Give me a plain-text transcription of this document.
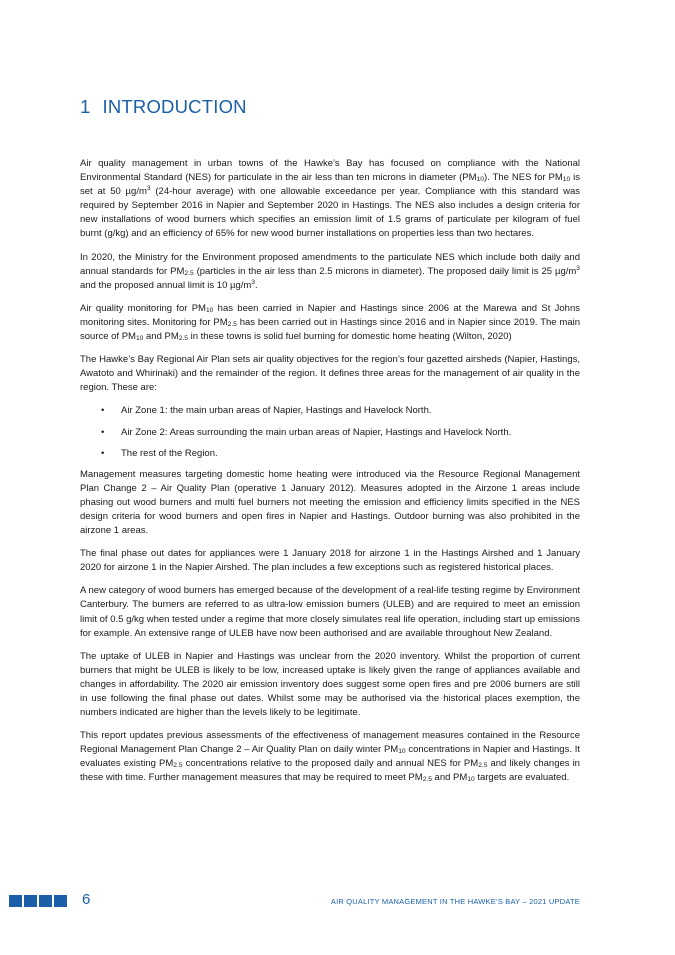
1 INTRODUCTION

Air quality management in urban towns of the Hawke’s Bay has focused on compliance with the National Environmental Standard (NES) for particulate in the air less than ten microns in diameter $(PM_{10})$. The NES for $PM_{10}$ is set at 50 $\mu g/m^3$ (24-hour average) with one allowable exceedance per year. Compliance with this standard was required by September 2016 in Napier and September 2020 in Hastings. The NES also includes a design criteria for new installations of wood burners which specifies an emission limit of 1.5 grams of particulate per kilogram of fuel burnt (g/kg) and an efficiency of 65% for new wood burner installations on properties less than two hectares.

In 2020, the Ministry for the Environment proposed amendments to the particulate NES which include both daily and annual standards for $PM_{2.5}$ (particles in the air less than 2.5 microns in diameter). The proposed daily limit is 25 $\mu g/m^3$ and the proposed annual limit is 10 $\mu g/m^3$.

Air quality monitoring for $PM_{10}$ has been carried in Napier and Hastings since 2006 at the Marewa and St Johns monitoring sites. Monitoring for $PM_{2.5}$ has been carried out in Hastings since 2016 and in Napier since 2019. The main source of $PM_{10}$ and $PM_{2.5}$ in these towns is solid fuel burning for domestic home heating (Wilton, 2020)

The Hawke’s Bay Regional Air Plan sets air quality objectives for the region’s four gazetted airsheds (Napier, Hastings, Awatoto and Whirinaki) and the remainder of the region. It defines three areas for the management of air quality in the region. These are:

• Air Zone 1: the main urban areas of Napier, Hastings and Havelock North.
• Air Zone 2: Areas surrounding the main urban areas of Napier, Hastings and Havelock North.
• The rest of the Region.

Management measures targeting domestic home heating were introduced via the Resource Regional Management Plan Change 2 – Air Quality Plan (operative 1 January 2012). Measures adopted in the Airzone 1 areas include phasing out wood burners and multi fuel burners not meeting the emission and efficiency limits specified in the NES design criteria for wood burners and open fires in Napier and Hastings. Outdoor burning was also prohibited in the airzone 1 areas.

The final phase out dates for appliances were 1 January 2018 for airzone 1 in the Hastings Airshed and 1 January 2020 for airzone 1 in the Napier Airshed. The plan includes a few exceptions such as registered historical places.

A new category of wood burners has emerged because of the development of a real-life testing regime by Environment Canterbury. The burners are referred to as ultra-low emission burners (ULEB) and are required to meet an emission limit of 0.5 g/kg when tested under a regime that more closely simulates real life operation, including start up emissions for example. An extensive range of ULEB have now been authorised and are available throughout New Zealand.

The uptake of ULEB in Napier and Hastings was unclear from the 2020 inventory. Whilst the proportion of current burners that might be ULEB is likely to be low, increased uptake is likely given the range of appliances available and changes in affordability. The 2020 air emission inventory does suggest some open fires and pre 2006 burners are still in use following the final phase out dates. Whilst some may be authorised via the historical places exemption, the numbers indicated are higher than the levels likely to be legitimate.

This report updates previous assessments of the effectiveness of management measures contained in the Resource Regional Management Plan Change 2 – Air Quality Plan on daily winter $PM_{10}$ concentrations in Napier and Hastings. It evaluates existing $PM_{2.5}$ concentrations relative to the proposed daily and annual NES for $PM_{2.5}$ and likely changes in these with time. Further management measures that may be required to meet $PM_{2.5}$ and $PM_{10}$ targets are evaluated.

6	AIR QUALITY MANAGEMENT IN THE HAWKE’S BAY – 2021 UPDATE
